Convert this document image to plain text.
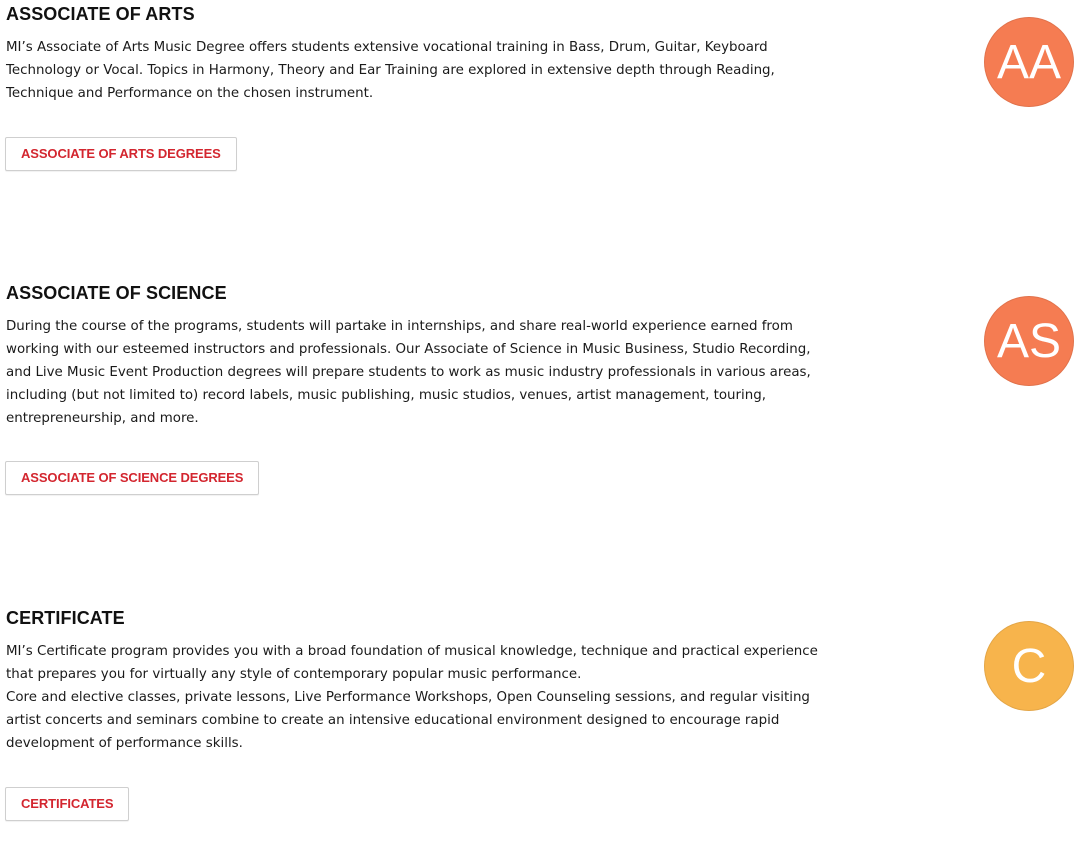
ASSOCIATE OF ARTS

MI’s Associate of Arts Music Degree offers students extensive vocational training in Bass, Drum, Guitar, Keyboard Technology or Vocal. Topics in Harmony, Theory and Ear Training are explored in extensive depth through Reading, Technique and Performance on the chosen instrument.

ASSOCIATE OF ARTS DEGREES
AA
ASSOCIATE OF SCIENCE

During the course of the programs, students will partake in internships, and share real-world experience earned from working with our esteemed instructors and professionals. Our Associate of Science in Music Business, Studio Recording, and Live Music Event Production degrees will prepare students to work as music industry professionals in various areas, including (but not limited to) record labels, music publishing, music studios, venues, artist management, touring, entrepreneurship, and more.

ASSOCIATE OF SCIENCE DEGREES
AS
CERTIFICATE

MI’s Certificate program provides you with a broad foundation of musical knowledge, technique and practical experience that prepares you for virtually any style of contemporary popular music performance.

Core and elective classes, private lessons, Live Performance Workshops, Open Counseling sessions, and regular visiting artist concerts and seminars combine to create an intensive educational environment designed to encourage rapid development of performance skills.

CERTIFICATES
C
